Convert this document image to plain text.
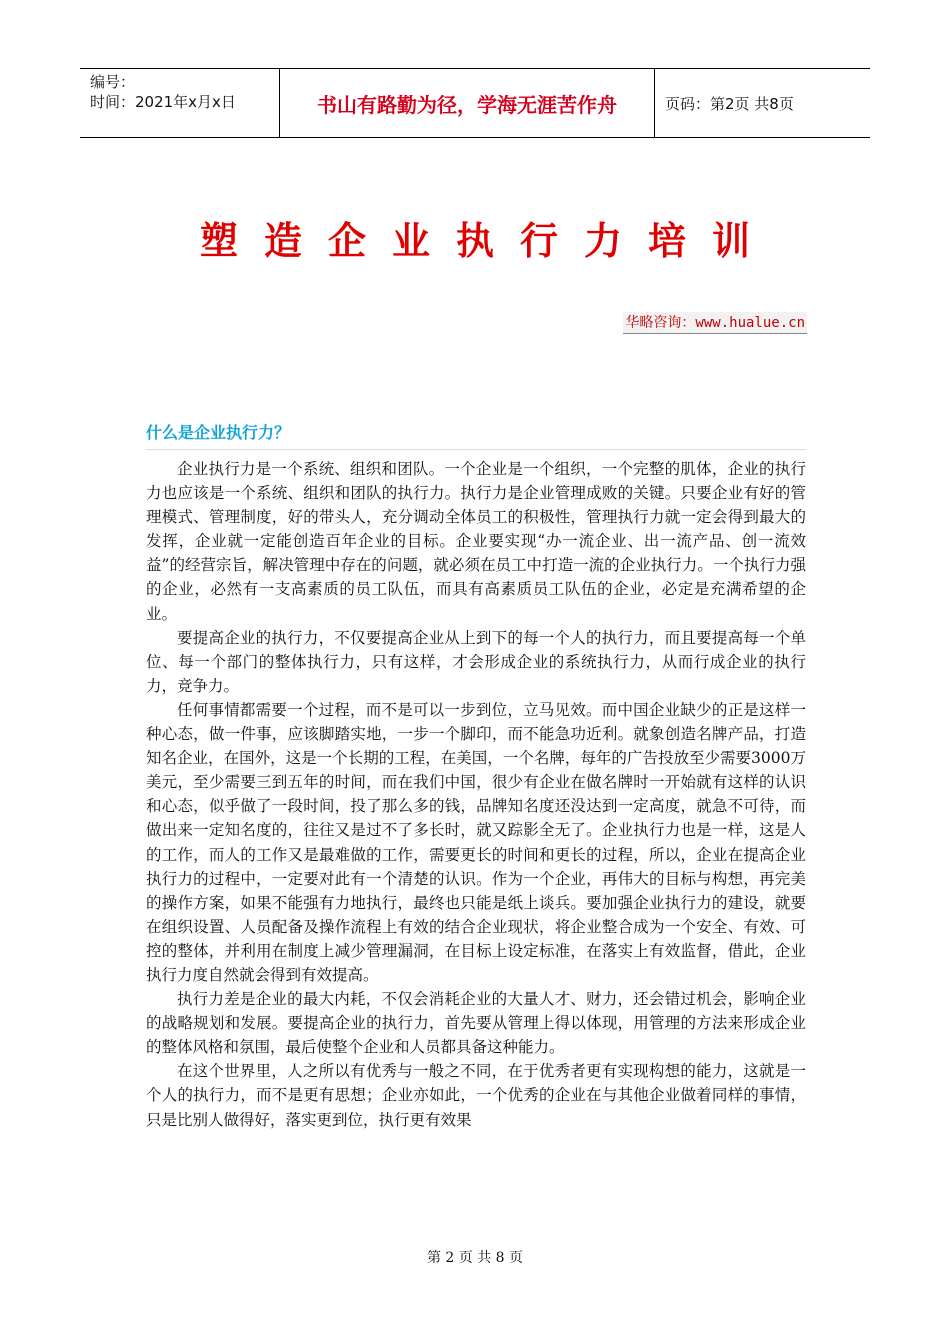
编号：
时间：2021年x月x日	书山有路勤为径，学海无涯苦作舟	页码：第2页 共8页
塑造企业执行力培训
华略咨询：www.hualue.cn
什么是企业执行力？

企业执行力是一个系统、组织和团队。一个企业是一个组织，一个完整的肌体，企业的执行力也应该是一个系统、组织和团队的执行力。执行力是企业管理成败的关键。只要企业有好的管理模式、管理制度，好的带头人，充分调动全体员工的积极性，管理执行力就一定会得到最大的发挥，企业就一定能创造百年企业的目标。企业要实现“办一流企业、出一流产品、创一流效益”的经营宗旨，解决管理中存在的问题，就必须在员工中打造一流的企业执行力。一个执行力强的企业，必然有一支高素质的员工队伍，而具有高素质员工队伍的企业，必定是充满希望的企业。

要提高企业的执行力，不仅要提高企业从上到下的每一个人的执行力，而且要提高每一个单位、每一个部门的整体执行力，只有这样，才会形成企业的系统执行力，从而行成企业的执行力，竞争力。

任何事情都需要一个过程，而不是可以一步到位，立马见效。而中国企业缺少的正是这样一种心态，做一件事，应该脚踏实地，一步一个脚印，而不能急功近利。就象创造名牌产品，打造知名企业，在国外，这是一个长期的工程，在美国，一个名牌，每年的广告投放至少需要3000万美元，至少需要三到五年的时间，而在我们中国，很少有企业在做名牌时一开始就有这样的认识和心态，似乎做了一段时间，投了那么多的钱，品牌知名度还没达到一定高度，就急不可待，而做出来一定知名度的，往往又是过不了多长时，就又踪影全无了。企业执行力也是一样，这是人的工作，而人的工作又是最难做的工作，需要更长的时间和更长的过程，所以，企业在提高企业执行力的过程中，一定要对此有一个清楚的认识。作为一个企业，再伟大的目标与构想，再完美的操作方案，如果不能强有力地执行，最终也只能是纸上谈兵。要加强企业执行力的建设，就要在组织设置、人员配备及操作流程上有效的结合企业现状，将企业整合成为一个安全、有效、可控的整体，并利用在制度上减少管理漏洞，在目标上设定标准，在落实上有效监督，借此，企业执行力度自然就会得到有效提高。

执行力差是企业的最大内耗，不仅会消耗企业的大量人才、财力，还会错过机会，影响企业的战略规划和发展。要提高企业的执行力，首先要从管理上得以体现，用管理的方法来形成企业的整体风格和氛围，最后使整个企业和人员都具备这种能力。

在这个世界里，人之所以有优秀与一般之不同，在于优秀者更有实现构想的能力，这就是一个人的执行力，而不是更有思想；企业亦如此，一个优秀的企业在与其他企业做着同样的事情，只是比别人做得好，落实更到位，执行更有效果

第 2 页 共 8 页
